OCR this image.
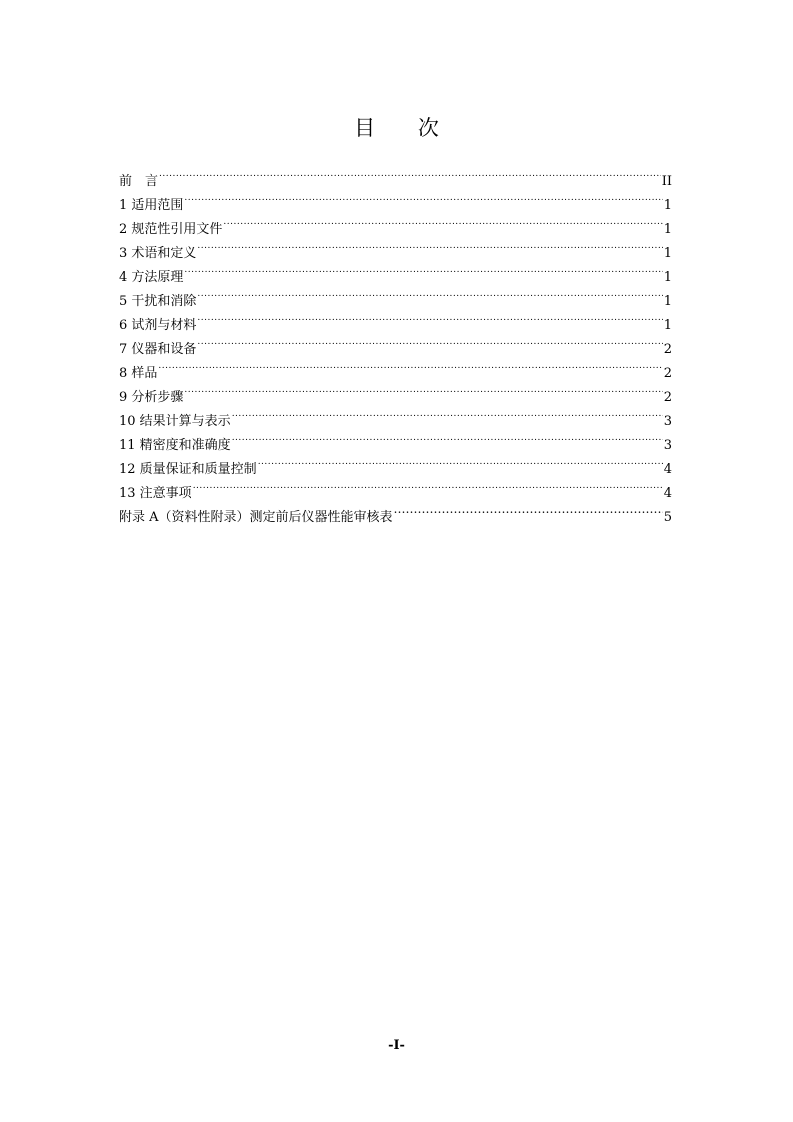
目 次
前　言 .....	II
1 适用范围 .....	1
2 规范性引用文件 .....	1
3 术语和定义 .....	1
4 方法原理 .....	1
5 干扰和消除 .....	1
6 试剂与材料 .....	1
7 仪器和设备 .....	2
8 样品 .....	2
9 分析步骤 .....	2
10 结果计算与表示 .....	3
11 精密度和准确度 .....	3
12 质量保证和质量控制 .....	4
13 注意事项 .....	4
附录 A（资料性附录）测定前后仪器性能审核表 …………………………………………………………………………………………………………………	5
-I-
